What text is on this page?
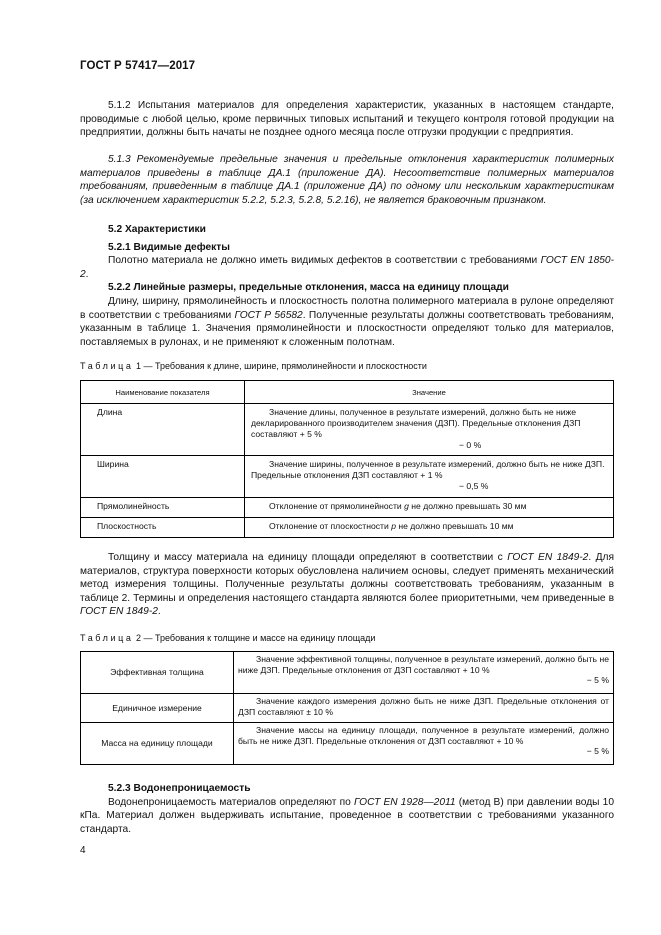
ГОСТ Р 57417—2017

5.1.2 Испытания материалов для определения характеристик, указанных в настоящем стандарте, проводимые с любой целью, кроме первичных типовых испытаний и текущего контроля готовой продукции на предприятии, должны быть начаты не позднее одного месяца после отгрузки продукции с предприятия.

5.1.3 Рекомендуемые предельные значения и предельные отклонения характеристик полимерных материалов приведены в таблице ДА.1 (приложение ДА). Несоответствие полимерных материалов требованиям, приведенным в таблице ДА.1 (приложение ДА) по одному или нескольким характеристикам (за исключением характеристик 5.2.2, 5.2.3, 5.2.8, 5.2.16), не является браковочным признаком.

5.2 Характеристики

5.2.1 Видимые дефекты

Полотно материала не должно иметь видимых дефектов в соответствии с требованиями ГОСТ EN 1850-2.

5.2.2 Линейные размеры, предельные отклонения, масса на единицу площади

Длину, ширину, прямолинейность и плоскостность полотна полимерного материала в рулоне определяют в соответствии с требованиями ГОСТ Р 56582. Полученные результаты должны соответствовать требованиям, указанным в таблице 1. Значения прямолинейности и плоскостности определяют только для материалов, поставляемых в рулонах, и не применяют к сложенным полотнам.

Таблица 1 — Требования к длине, ширине, прямолинейности и плоскостности
Наименование показателя	Значение
Длина	Значение длины, полученное в результате измерений, должно быть не ниже декларированного производителем значения (ДЗП). Предельные отклонения ДЗП составляют + 5 %

− 0 %

Ширина	Значение ширины, полученное в результате измерений, должно быть не ниже ДЗП. Предельные отклонения ДЗП составляют + 1 %

− 0,5 %

Прямолинейность	Отклонение от прямолинейности g не должно превышать 30 мм

Плоскостность	Отклонение от плоскостности p не должно превышать 10 мм

Толщину и массу материала на единицу площади определяют в соответствии с ГОСТ EN 1849-2. Для материалов, структура поверхности которых обусловлена наличием основы, следует применять механический метод измерения толщины. Полученные результаты должны соответствовать требованиям, указанным в таблице 2. Термины и определения настоящего стандарта являются более приоритетными, чем приведенные в ГОСТ EN 1849-2.

Таблица 2 — Требования к толщине и массе на единицу площади
Эффективная толщина	Значение эффективной толщины, полученное в результате измерений, должно быть не ниже ДЗП. Предельные отклонения от ДЗП составляют + 10 %

− 5 %

Единичное измерение	Значение каждого измерения должно быть не ниже ДЗП. Предельные отклонения от ДЗП составляют ± 10 %

Масса на единицу площади	Значение массы на единицу площади, полученное в результате измерений, должно быть не ниже ДЗП. Предельные отклонения от ДЗП составляют + 10 %

− 5 %

5.2.3 Водонепроницаемость

Водонепроницаемость материалов определяют по ГОСТ EN 1928—2011 (метод В) при давлении воды 10 кПа. Материал должен выдерживать испытание, проведенное в соответствии с требованиями указанного стандарта.

4
